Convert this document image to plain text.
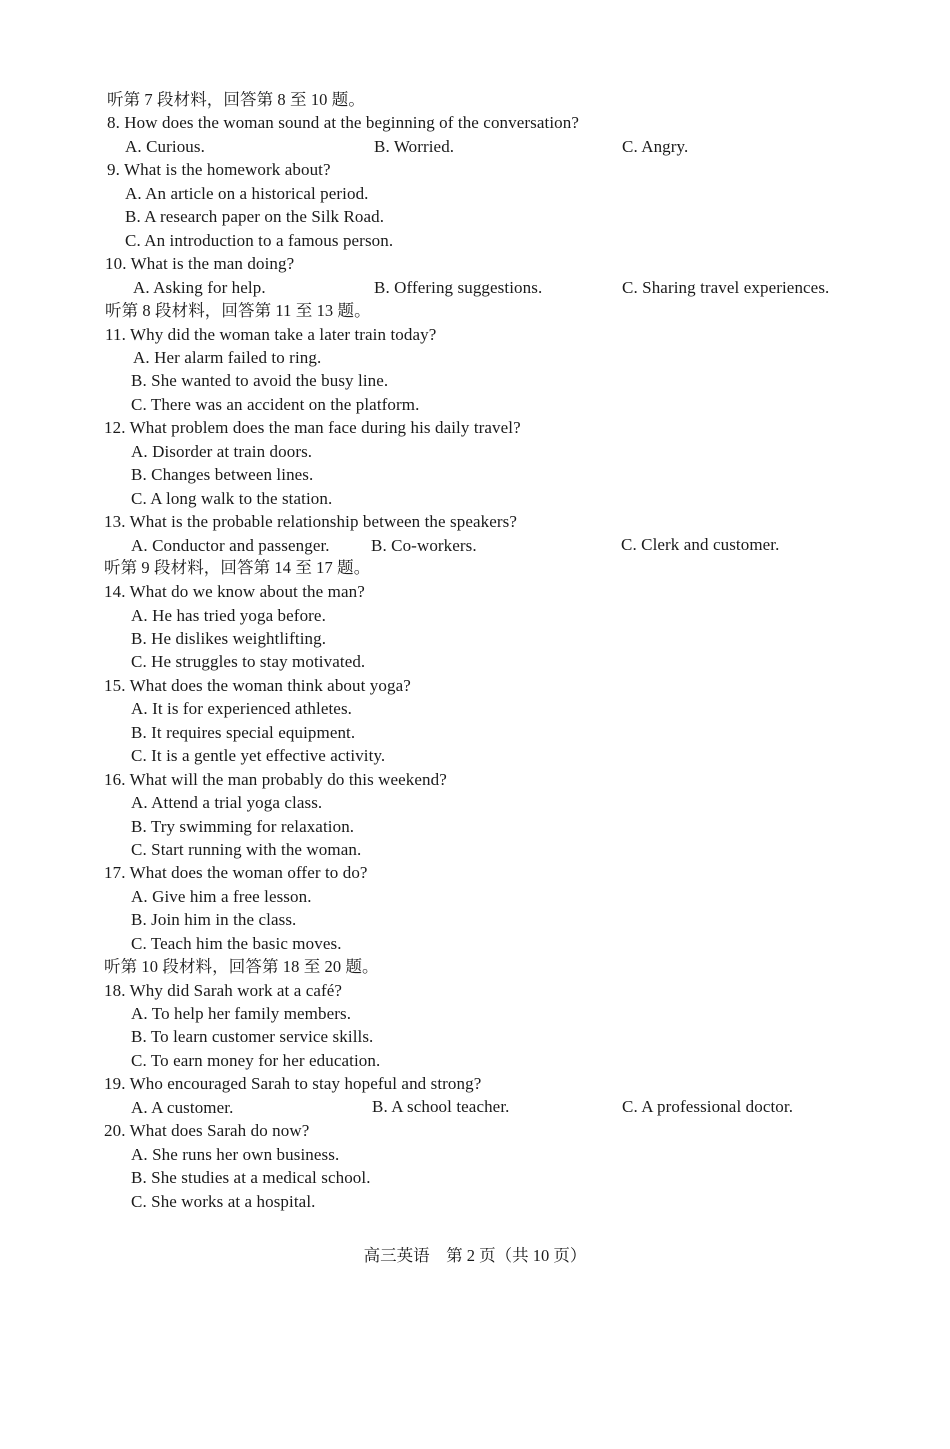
听第 7 段材料，回答第 8 至 10 题。
8. How does the woman sound at the beginning of the conversation?
A. Curious.	B. Worried.	C. Angry.
9. What is the homework about?
A. An article on a historical period.
B. A research paper on the Silk Road.
C. An introduction to a famous person.
10. What is the man doing?
A. Asking for help.	B. Offering suggestions.	C. Sharing travel experiences.
听第 8 段材料，回答第 11 至 13 题。
11. Why did the woman take a later train today?
A. Her alarm failed to ring.
B. She wanted to avoid the busy line.
C. There was an accident on the platform.
12. What problem does the man face during his daily travel?
A. Disorder at train doors.
B. Changes between lines.
C. A long walk to the station.
13. What is the probable relationship between the speakers?
A. Conductor and passenger. B. Co-workers.	C. Clerk and customer.
听第 9 段材料，回答第 14 至 17 题。
14. What do we know about the man?
A. He has tried yoga before.
B. He dislikes weightlifting.
C. He struggles to stay motivated.
15. What does the woman think about yoga?
A. It is for experienced athletes.
B. It requires special equipment.
C. It is a gentle yet effective activity.
16. What will the man probably do this weekend?
A. Attend a trial yoga class.
B. Try swimming for relaxation.
C. Start running with the woman.
17. What does the woman offer to do?
A. Give him a free lesson.
B. Join him in the class.
C. Teach him the basic moves.
听第 10 段材料，回答第 18 至 20 题。
18. Why did Sarah work at a café?
A. To help her family members.
B. To learn customer service skills.
C. To earn money for her education.
19. Who encouraged Sarah to stay hopeful and strong?
A. A customer.	B. A school teacher.	C. A professional doctor.
20. What does Sarah do now?
A. She runs her own business.
B. She studies at a medical school.
C. She works at a hospital.
高三英语　第 2 页（共 10 页）
